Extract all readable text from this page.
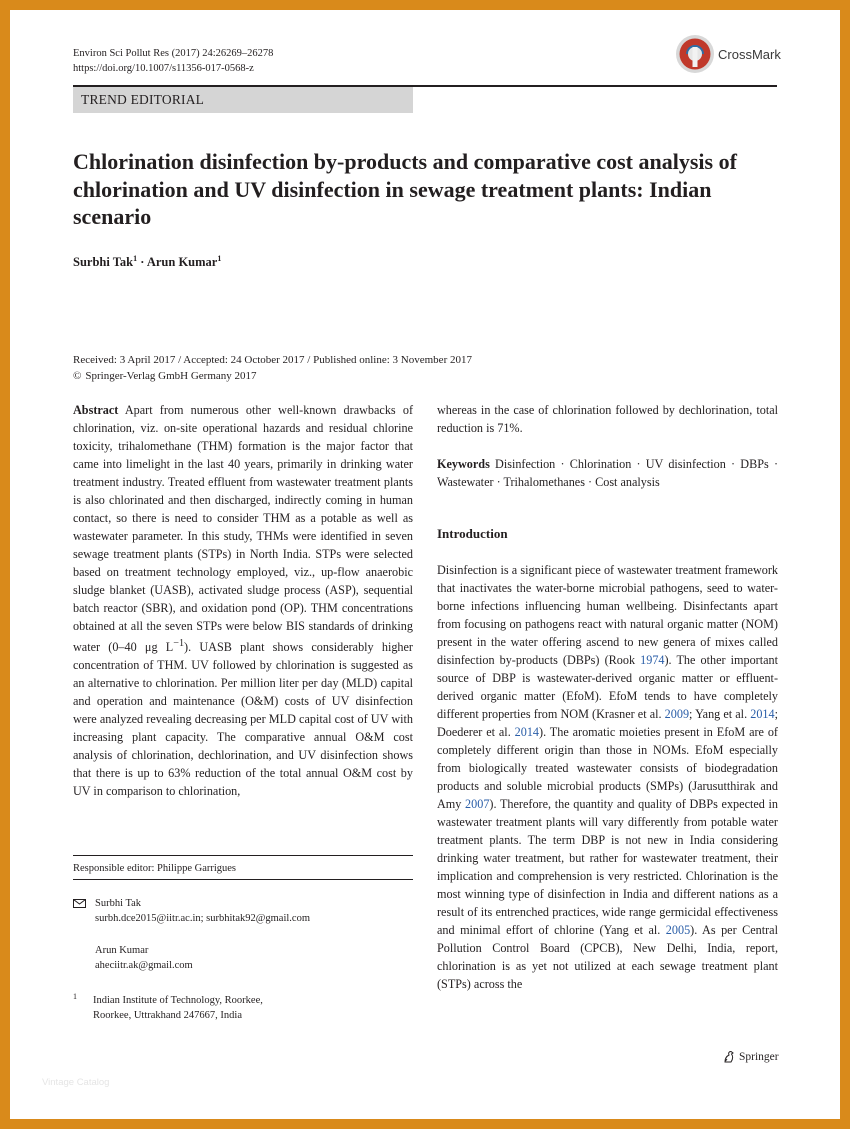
Environ Sci Pollut Res (2017) 24:26269–26278
https://doi.org/10.1007/s11356-017-0568-z
CrossMark
TREND EDITORIAL
Chlorination disinfection by-products and comparative cost analysis of chlorination and UV disinfection in sewage treatment plants: Indian scenario
Surbhi Tak$^1$ · Arun Kumar$^1$
Received: 3 April 2017 / Accepted: 24 October 2017 / Published online: 3 November 2017
© Springer-Verlag GmbH Germany 2017

Abstract Apart from numerous other well-known drawbacks of chlorination, viz. on-site operational hazards and residual chlorine toxicity, trihalomethane (THM) formation is the major factor that came into limelight in the last 40 years, primarily in drinking water treatment industry. Treated effluent from wastewater treatment plants is also chlorinated and then discharged, indirectly coming in human contact, so there is need to consider THM as a potable as well as wastewater parameter. In this study, THMs were identified in seven sewage treatment plants (STPs) in North India. STPs were selected based on treatment technology employed, viz., up-flow anaerobic sludge blanket (UASB), activated sludge process (ASP), sequential batch reactor (SBR), and oxidation pond (OP). THM concentrations obtained at all the seven STPs were below BIS standards of drinking water (0–40 μg $L^{-1}$). UASB plant shows considerably higher concentration of THM. UV followed by chlorination is suggested as an alternative to chlorination. Per million liter per day (MLD) capital and operation and maintenance (O&M) costs of UV disinfection were analyzed revealing decreasing per MLD capital cost of UV with increasing plant capacity. The comparative annual O&M cost analysis of chlorination, dechlorination, and UV disinfection shows that there is up to 63% reduction of the total annual O&M cost by UV in comparison to chlorination,

Responsible editor: Philippe Garrigues
Surbhi Tak
surbh.dce2015@iitr.ac.in; surbhitak92@gmail.com
Arun Kumar
aheciitr.ak@gmail.com
1 Indian Institute of Technology, Roorkee,
Roorkee, Uttrakhand 247667, India

whereas in the case of chlorination followed by dechlorination, total reduction is 71%.

Keywords Disinfection · Chlorination · UV disinfection · DBPs · Wastewater · Trihalomethanes · Cost analysis

Introduction

Disinfection is a significant piece of wastewater treatment framework that inactivates the water-borne microbial pathogens, seed to water-borne infections influencing human wellbeing. Disinfectants apart from focusing on pathogens react with natural organic matter (NOM) present in the water offering ascend to new genera of mixes called disinfection by-products (DBPs) (Rook 1974). The other important source of DBP is wastewater-derived organic matter or effluent-derived organic matter (EfoM). EfoM tends to have completely different properties from NOM (Krasner et al. 2009; Yang et al. 2014; Doederer et al. 2014). The aromatic moieties present in EfoM are of completely different origin than those in NOMs. EfoM especially from biologically treated wastewater consists of biodegradation products and soluble microbial products (SMPs) (Jarusutthirak and Amy 2007). Therefore, the quantity and quality of DBPs expected in wastewater treatment plants will vary differently from potable water treatment plants. The term DBP is not new in India considering drinking water treatment, but rather for wastewater treatment, their implication and comprehension is very restricted. Chlorination is the most winning type of disinfection in India and different nations as a result of its entrenched practices, wide range germicidal effectiveness and minimal effort of chlorine (Yang et al. 2005). As per Central Pollution Control Board (CPCB), New Delhi, India, report, chlorination is as yet not utilized at each sewage treatment plant (STPs) across the

Springer
Vintage Catalog
